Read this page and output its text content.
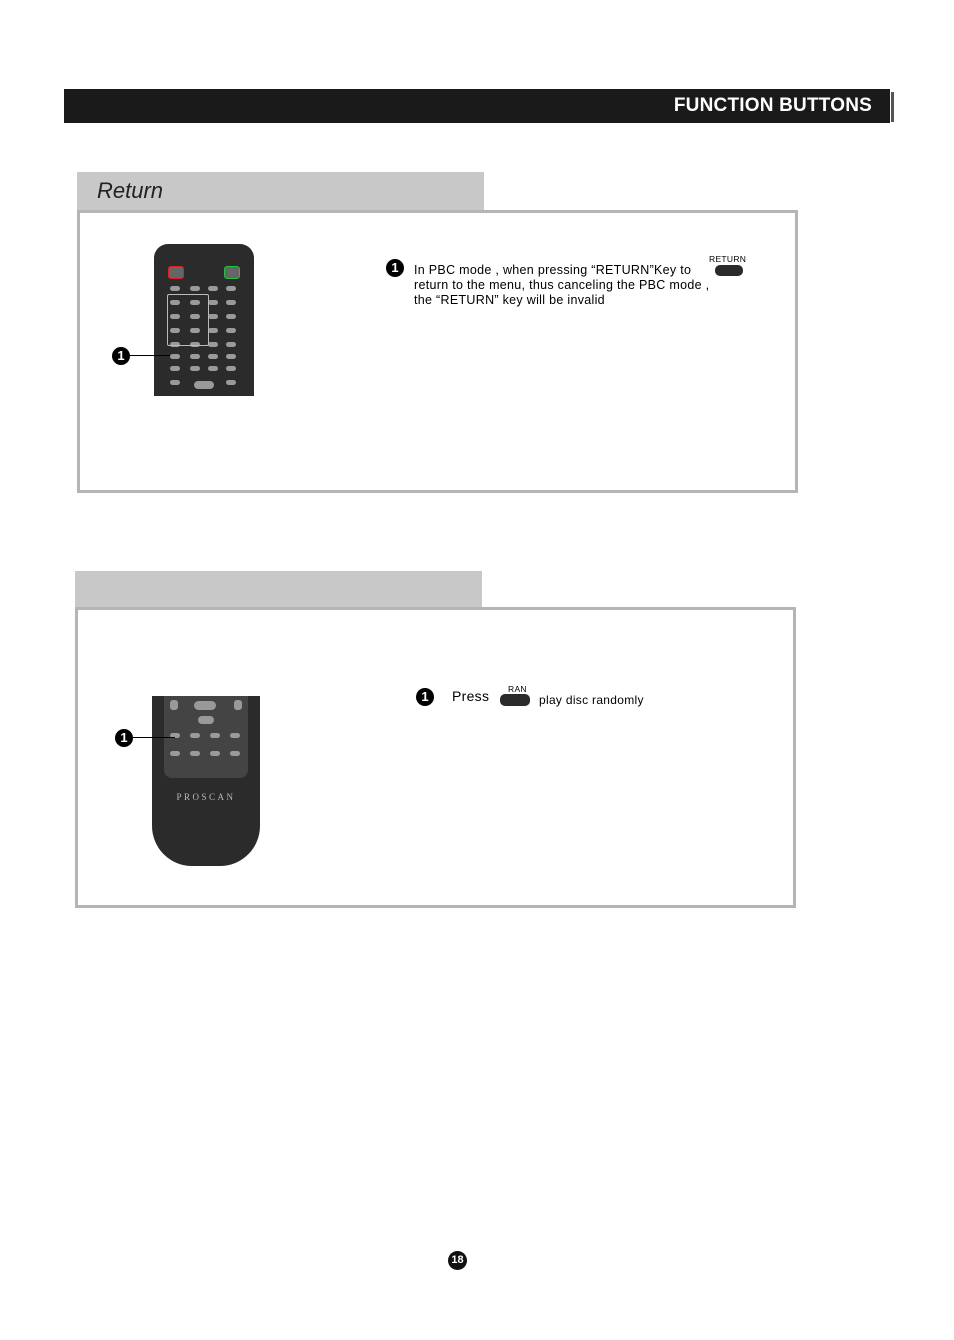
FUNCTION BUTTONS
Return
1
1
RETURN
In PBC mode , when pressing “RETURN”Key to
return to the menu, thus canceling the PBC mode ,
the “RETURN” key will be invalid
PROSCAN
1
1	Press RAN
play disc randomly
18
